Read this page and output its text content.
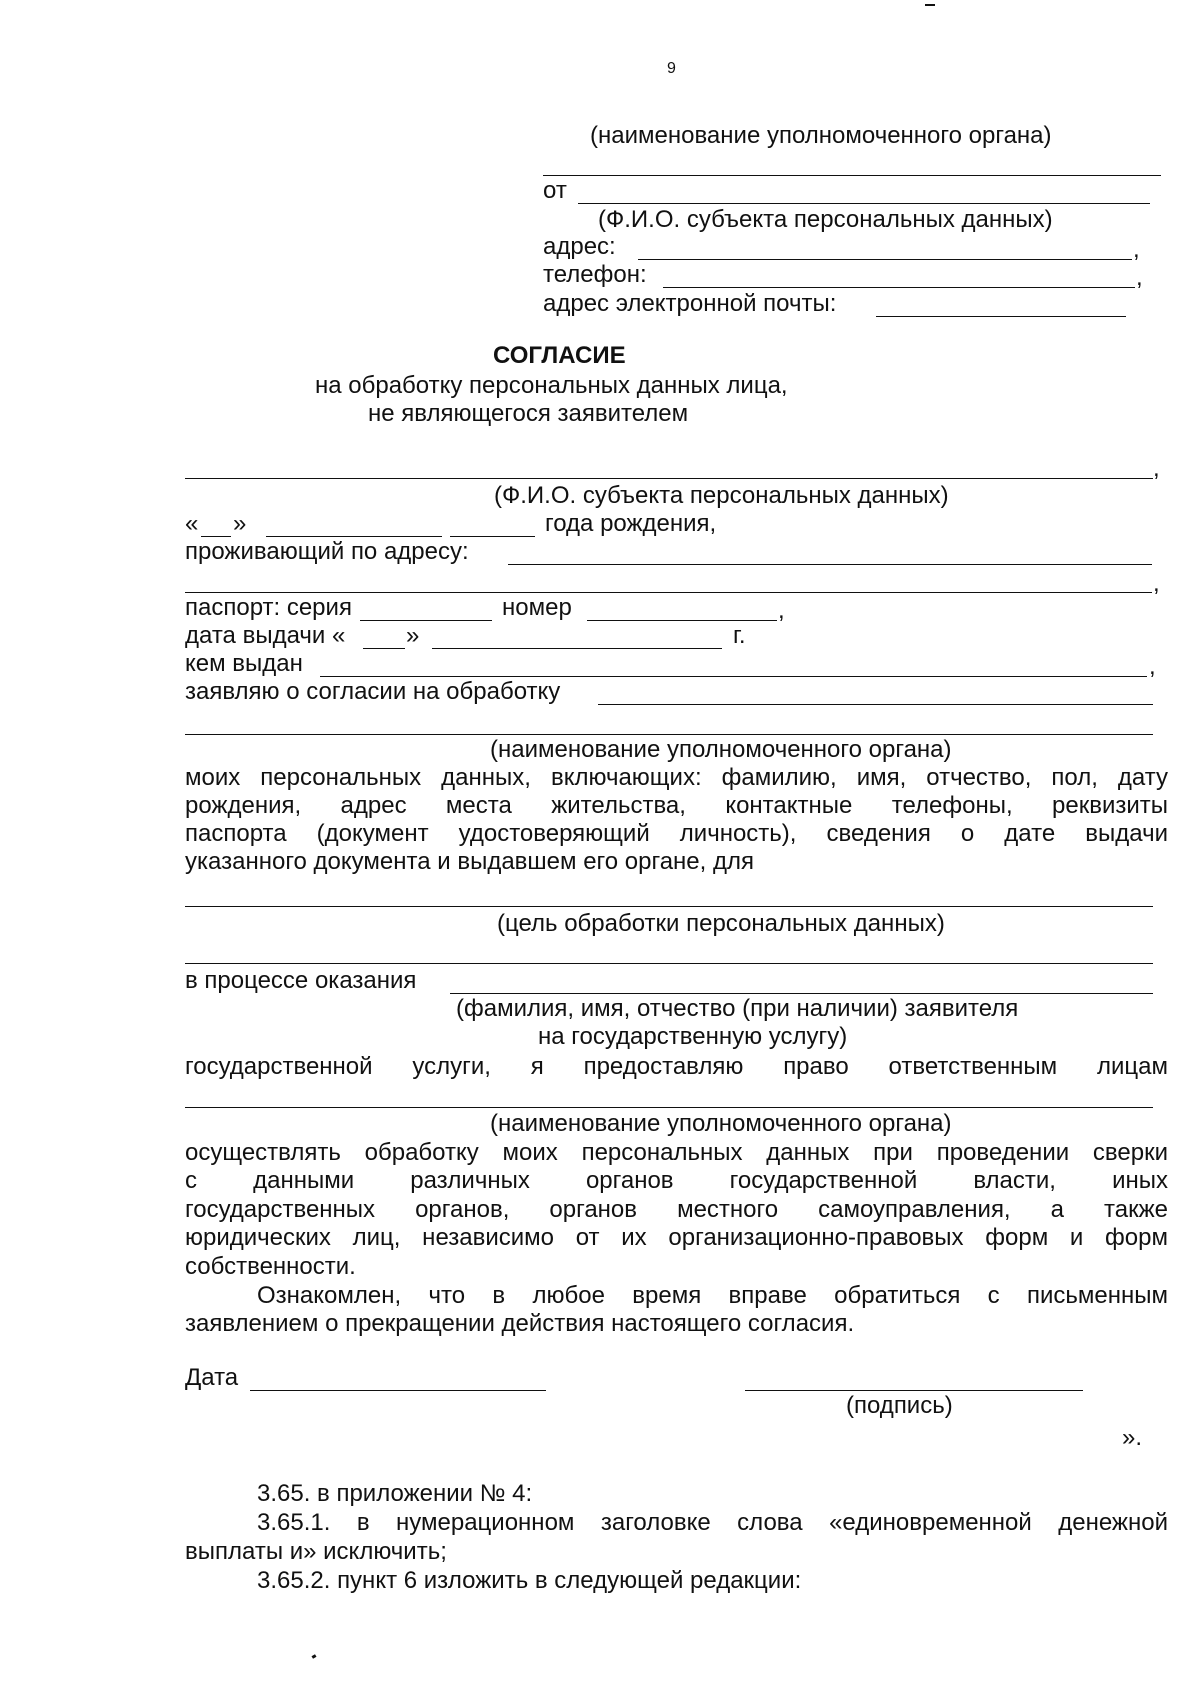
9
(наименование уполномоченного органа)
от
(Ф.И.О. субъекта персональных данных)
адрес:	,
телефон:	,
адрес электронной почты:
СОГЛАСИЕ
на обработку персональных данных лица,
не являющегося заявителем
,
(Ф.И.О. субъекта персональных данных)
« »	года рождения,
проживающий по адресу:
,
паспорт: серия	номер	,
дата выдачи «	»	г.
кем выдан	,
заявляю о согласии на обработку
(наименование уполномоченного органа)
моих персональных данных, включающих: фамилию, имя, отчество, пол, дату
рождения, адрес места жительства, контактные телефоны, реквизиты
паспорта (документ удостоверяющий личность), сведения о дате выдачи
указанного документа и выдавшем его органе, для
(цель обработки персональных данных)
в процессе оказания
(фамилия, имя, отчество (при наличии) заявителя
на государственную услугу)
государственной услуги, я предоставляю право ответственным лицам
(наименование уполномоченного органа)
осуществлять обработку моих персональных данных при проведении сверки
с данными различных органов государственной власти, иных
государственных органов, органов местного самоуправления, а также
юридических лиц, независимо от их организационно-правовых форм и форм
собственности.
Ознакомлен, что в любое время вправе обратиться с письменным
заявлением о прекращении действия настоящего согласия.
Дата
(подпись)
».
3.65. в приложении № 4:
3.65.1. в нумерационном заголовке слова «единовременной денежной
выплаты и» исключить;
3.65.2. пункт 6 изложить в следующей редакции:
